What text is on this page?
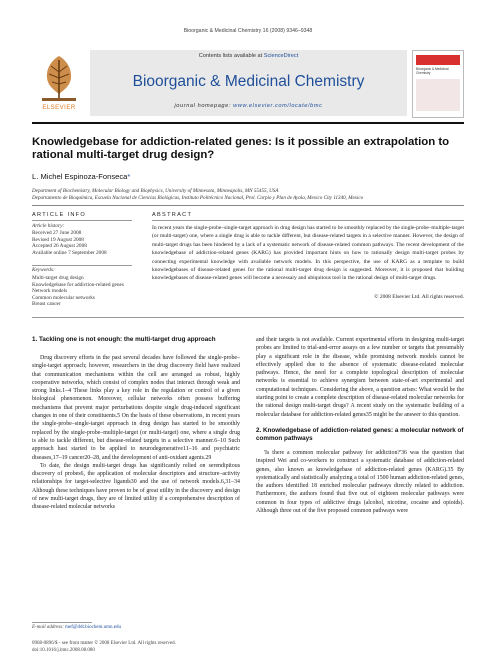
Bioorganic & Medicinal Chemistry 16 (2008) 9346–9348
ELSEVIER
Contents lists available at ScienceDirect
Bioorganic & Medicinal Chemistry
journal homepage: www.elsevier.com/locate/bmc
Bioorganic & Medicinal Chemistry
Knowledgebase for addiction-related genes: Is it possible an extrapolation to rational multi-target drug design?
L. Michel Espinoza-Fonseca*
Department of Biochemistry, Molecular Biology and Biophysics, University of Minnesota, Minneapolis, MN 55455, USA
Departamento de Bioquímica, Escuela Nacional de Ciencias Biológicas, Instituto Politécnico Nacional, Prol. Carpio y Plan de Ayala, Mexico City 11340, Mexico
ARTICLE INFO
Article history:
Received 27 June 2008
Revised 19 August 2008
Accepted 26 August 2008
Available online 7 September 2008
Keywords:
Multi-target drug design
Knowledgebase for addiction-related genes
Network models
Common molecular networks
Breast cancer
ABSTRACT
In recent years the single-probe–single-target approach in drug design has started to be smoothly replaced by the single-probe–multiple-target (or multi-target) one, where a single drug is able to tackle different, but disease-related targets in a selective manner. However, the design of multi-target drugs has been hindered by a lack of a systematic network of disease-related common pathways. The recent development of the knowledgebase of addiction-related genes (KARG) has provided important hints on how to rationally design multi-target probes by connecting experimental knowledge with available network models. In this perspective, the use of KARG as a template to build knowledgebases of disease-related genes for the rational multi-target drug design is suggested. Moreover, it is proposed that building knowledgebases of disease-related genes will become a necessary and ubiquitous tool in the rational design of multi-target drugs.
© 2008 Elsevier Ltd. All rights reserved.
1. Tackling one is not enough: the multi-target drug approach

Drug discovery efforts in the past several decades have followed the single-probe–single-target approach; however, researchers in the drug discovery field have realized that communication mechanisms within the cell are arranged as robust, highly cooperative networks, which consist of complex nodes that interact through weak and strong links.1–4 These links play a key role in the regulation or control of a given biological phenomenon. Moreover, cellular networks often possess buffering mechanisms that prevent major perturbations despite single drug-induced significant changes in one of their constituents.5 On the basis of these observations, in recent years the single-probe–single-target approach in drug design has started to be smoothly replaced by the single-probe–multiple-target (or multi-target) one, where a single drug is able to tackle different, but disease-related targets in a selective manner.6–10 Such approach hast started to be applied to neurodegenerative11–16 and psychiatric diseases,17–19 cancer20–28, and the development of anti-oxidant agents.29

To date, the design multi-target drugs has significantly relied on serendipitous discovery of probes6, the application of molecular descriptors and structure–activity relationships for target-selective ligands30 and the use of network models.6,31–34 Although these techniques have proven to be of great utility in the discovery and design of new multi-target drugs, they are of limited utility if a comprehensive description of disease-related molecular networks

and their targets is not available. Current experimental efforts in designing multi-target probes are limited to trial-and-error assays on a few number or targets that presumably play a significant role in the disease, while promising network models cannot be effectively applied due to the absence of systematic disease-related molecular pathways. Hence, the need for a complete topological description of molecular networks is essential to achieve synergism between state-of-art experimental and computational techniques. Considering the above, a question arises: What would be the starting point to create a complete description of disease-related molecular networks for the rational design multi-target drugs? A recent study on the systematic building of a molecular database for addiction-related genes35 might be the answer to this question.

2. Knowledgebase of addiction-related genes: a molecular network of common pathways

'Is there a common molecular pathway for addiction?'36 was the question that inspired Wei and co-workers to construct a systematic database of addiction-related genes, also known as knowledgebase of addiction-related genes (KARG).35 By systematically and statistically analyzing a total of 1500 human addiction-related genes, the authors identified 18 enriched molecular pathways directly related to addiction. Furthermore, the authors found that five out of eighteen molecular pathways were common in four types of addictive drugs (alcohol, nicotine, cocaine and opioids). Although three out of the five proposed common pathways were

E-mail address: mef@ddt.biochem.umn.edu
0968-0896/$ - see front matter © 2008 Elsevier Ltd. All rights reserved.
doi:10.1016/j.bmc.2008.08.080
